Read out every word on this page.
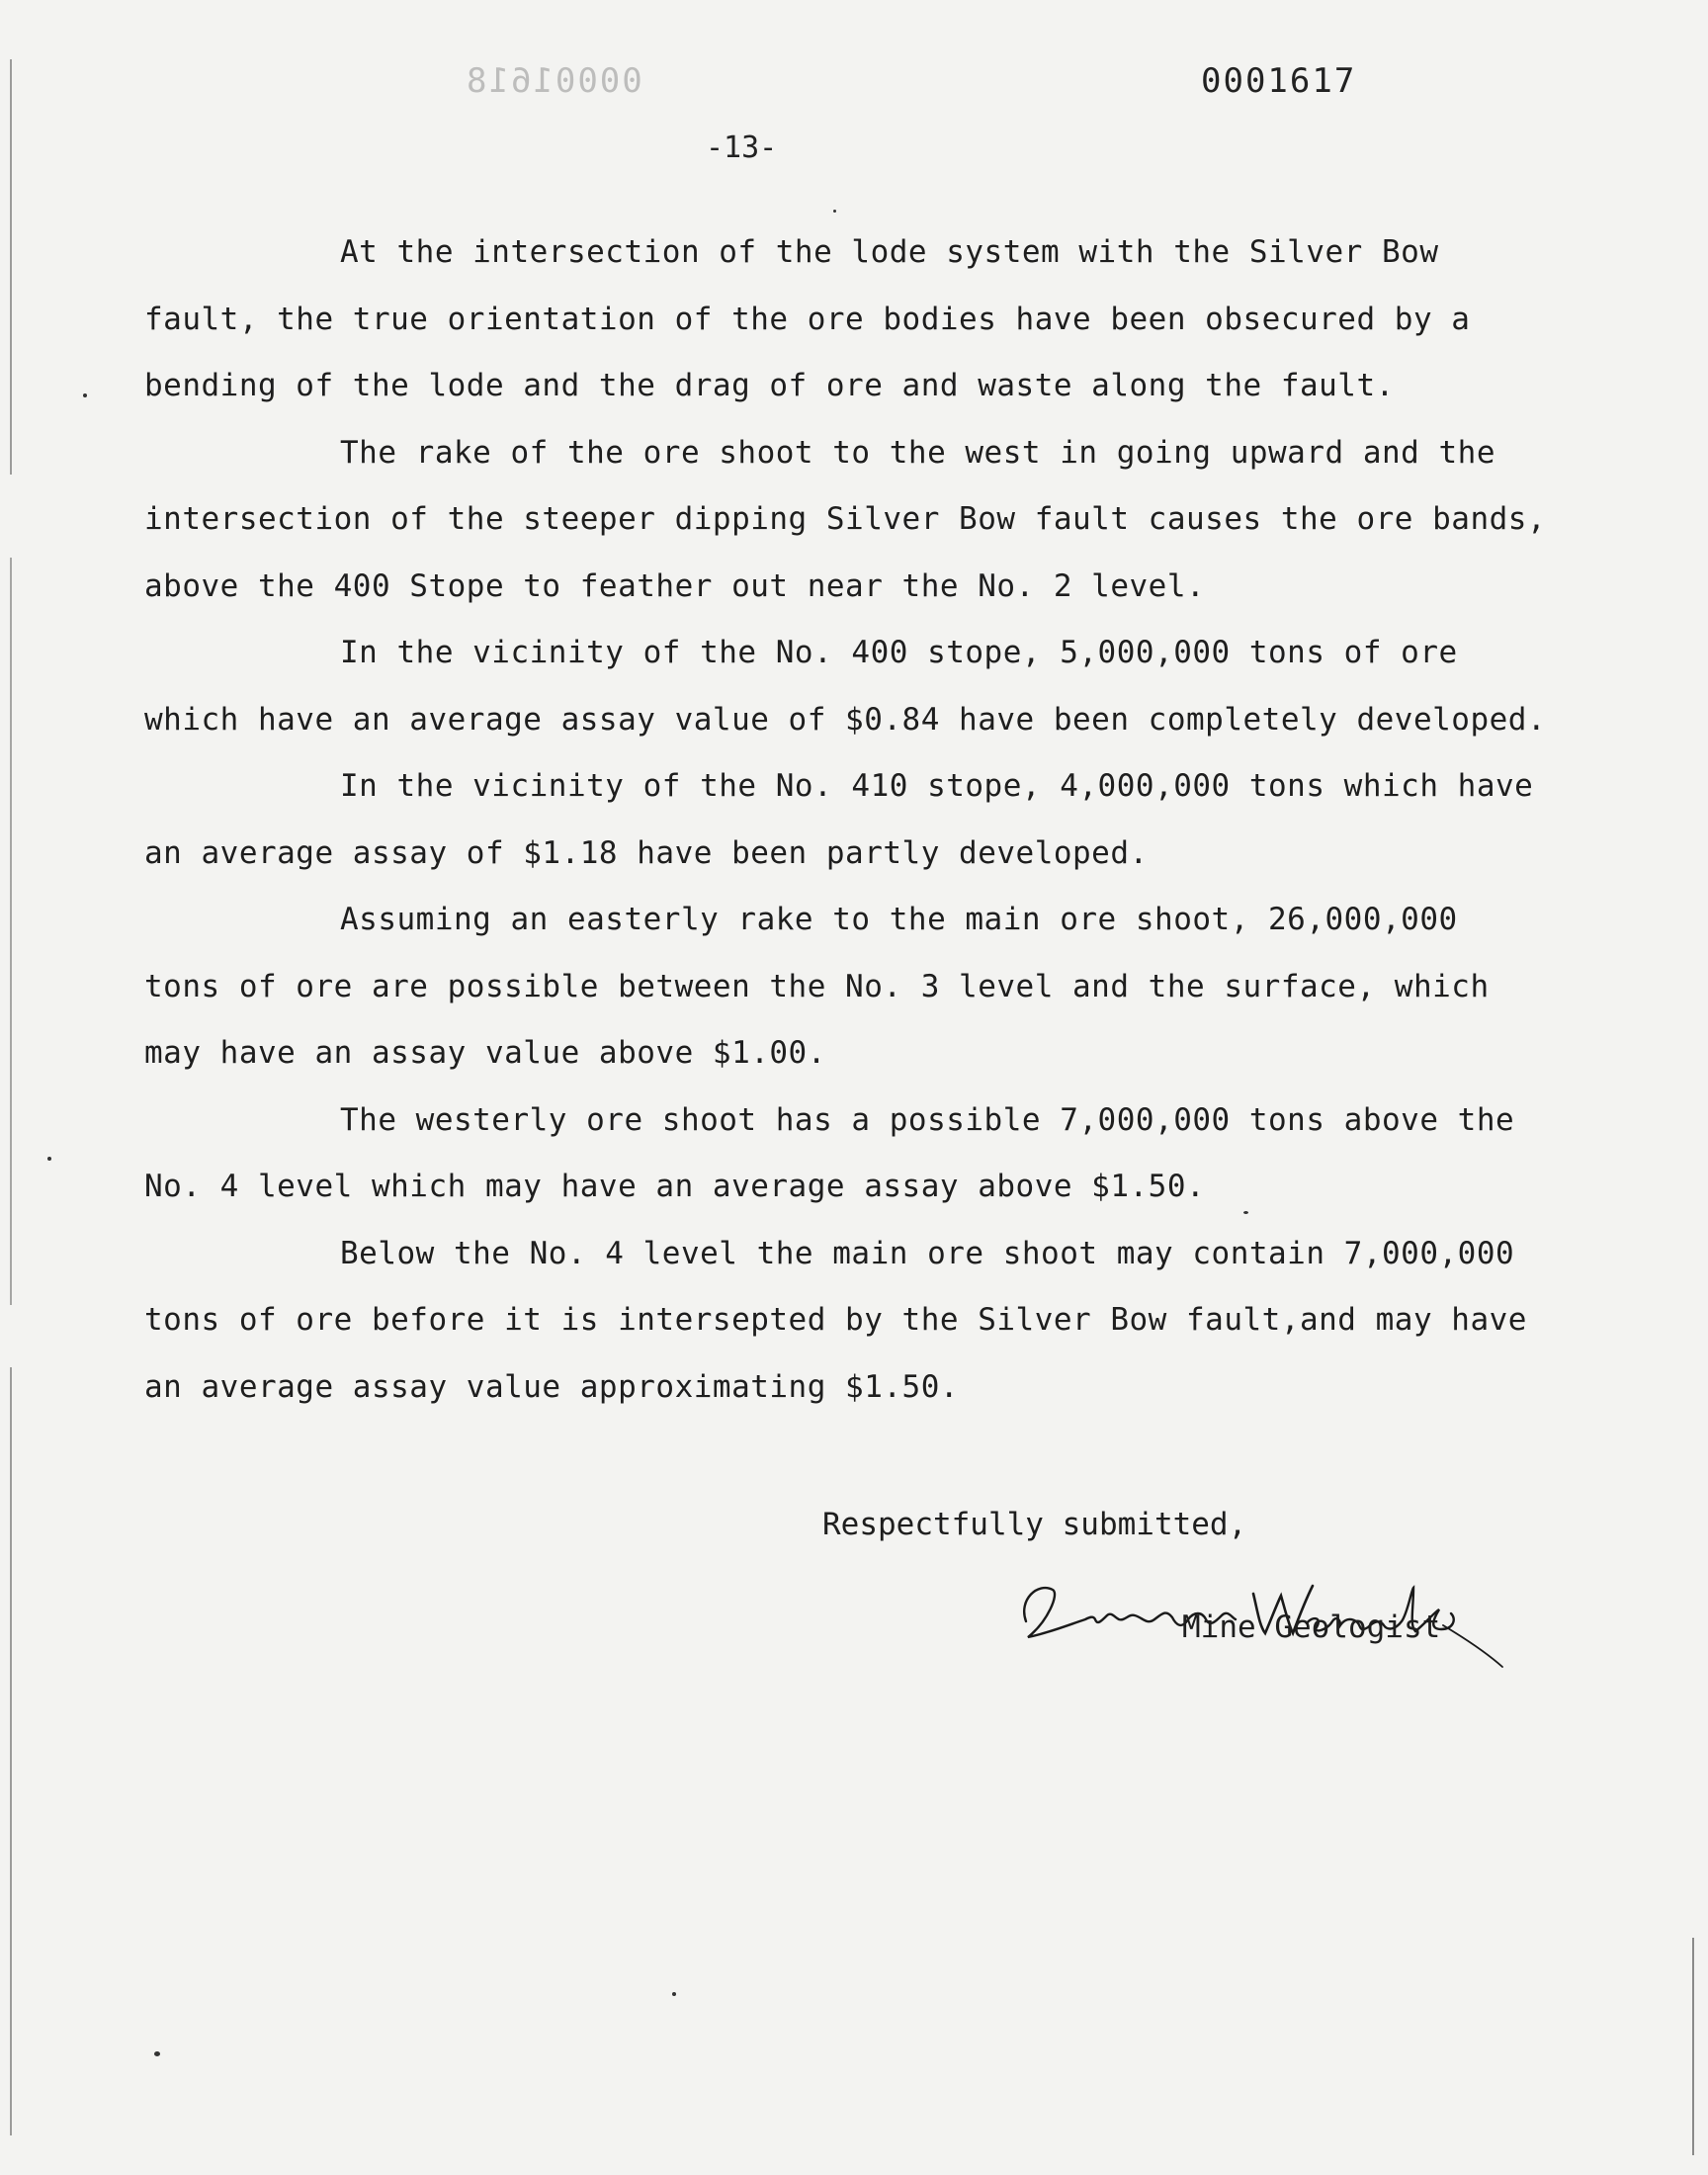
00001618	0001617
-13-

At the intersection of the lode system with the Silver Bow

fault, the true orientation of the ore bodies have been obsecured by a
bending of the lode and the drag of ore and waste along the fault.

The rake of the ore shoot to the west in going upward and the

intersection of the steeper dipping Silver Bow fault causes the ore bands,
above the 400 Stope to feather out near the No. 2 level.

In the vicinity of the No. 400 stope, 5,000,000 tons of ore

which have an average assay value of $0.84 have been completely developed.

In the vicinity of the No. 410 stope, 4,000,000 tons which have

an average assay of $1.18 have been partly developed.

Assuming an easterly rake to the main ore shoot, 26,000,000

tons of ore are possible between the No. 3 level and the surface, which
may have an assay value above $1.00.

The westerly ore shoot has a possible 7,000,000 tons above the

No. 4 level which may have an average assay above $1.50.

Below the No. 4 level the main ore shoot may contain 7,000,000

tons of ore before it is intersepted by the Silver Bow fault,and may have
an average assay value approximating $1.50.
Respectfully submitted,
Mine Geologist
